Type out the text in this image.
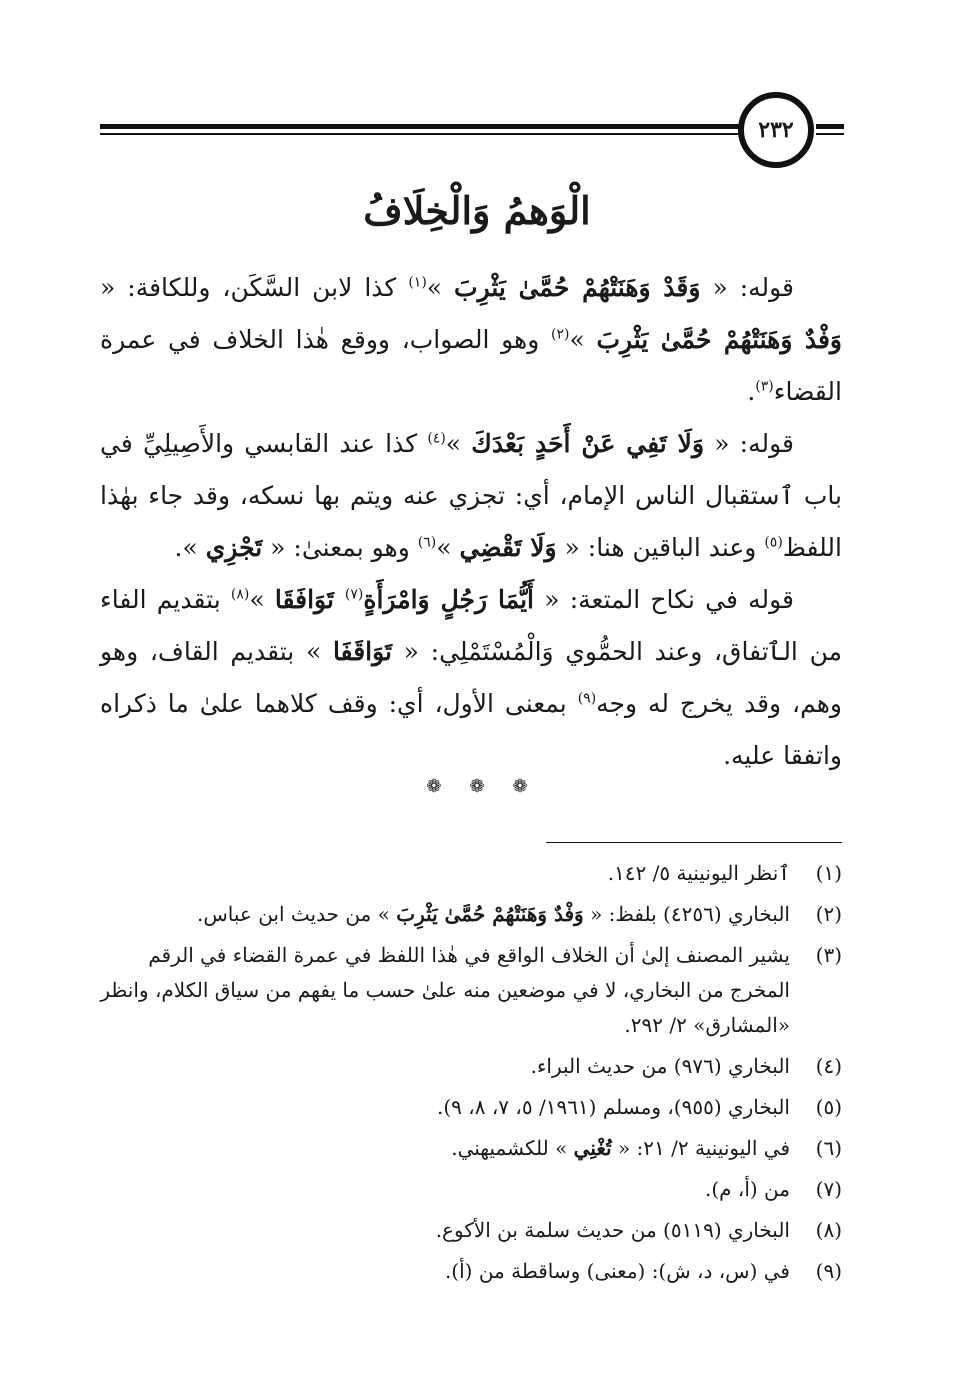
٢٣٢
الْوَهمُ وَالْخِلَافُ

قوله: « وَقَدْ وَهَنَتْهُمْ حُمَّىٰ يَثْرِبَ »$^{(١)}$ كذا لابن السَّكَن، وللكافة: « وَفْدٌ وَهَنَتْهُمْ حُمَّىٰ يَثْرِبَ »$^{(٢)}$ وهو الصواب، ووقع هٰذا الخلاف في عمرة القضاء$^{(٣)}$.

قوله: « وَلَا تَفِي عَنْ أَحَدٍ بَعْدَكَ »$^{(٤)}$ كذا عند القابسي والأَصِيلِيِّ في باب ٱستقبال الناس الإمام، أي: تجزي عنه ويتم بها نسكه، وقد جاء بهٰذا اللفظ$^{(٥)}$ وعند الباقين هنا: « وَلَا تَقْضِي »$^{(٦)}$ وهو بمعنىٰ: « تَجْزِي ».

قوله في نكاح المتعة: « أَيُّمَا رَجُلٍ وَامْرَأَةٍ$^{(٧)}$ تَوَافَقَا »$^{(٨)}$ بتقديم الفاء من الٱتفاق، وعند الحمُّوي وَالْمُسْتَمْلِي: « تَوَاقَفَا » بتقديم القاف، وهو وهم، وقد يخرج له وجه$^{(٩)}$ بمعنى الأول، أي: وقف كلاهما علىٰ ما ذكراه واتفقا عليه.

❁❁❁
(١)
ٱنظر اليونينية ٥/ ١٤٢.
(٢)
البخاري (٤٢٥٦) بلفظ: « وَفْدٌ وَهَنَتْهُمْ حُمَّىٰ يَثْرِبَ » من حديث ابن عباس.
(٣)
يشير المصنف إلىٰ أن الخلاف الواقع في هٰذا اللفظ في عمرة القضاء في الرقم المخرج من البخاري، لا في موضعين منه علىٰ حسب ما يفهم من سياق الكلام، وانظر «المشارق» ٢/ ٢٩٢.
(٤)
البخاري (٩٧٦) من حديث البراء.
(٥)
البخاري (٩٥٥)، ومسلم (١٩٦١/ ٥، ٧، ٨، ٩).
(٦)
في اليونينية ٢/ ٢١: « تُغْنِي » للكشميهني.
(٧)
من (أ، م).
(٨)
البخاري (٥١١٩) من حديث سلمة بن الأكوع.
(٩)
في (س، د، ش): (معنى) وساقطة من (أ).
